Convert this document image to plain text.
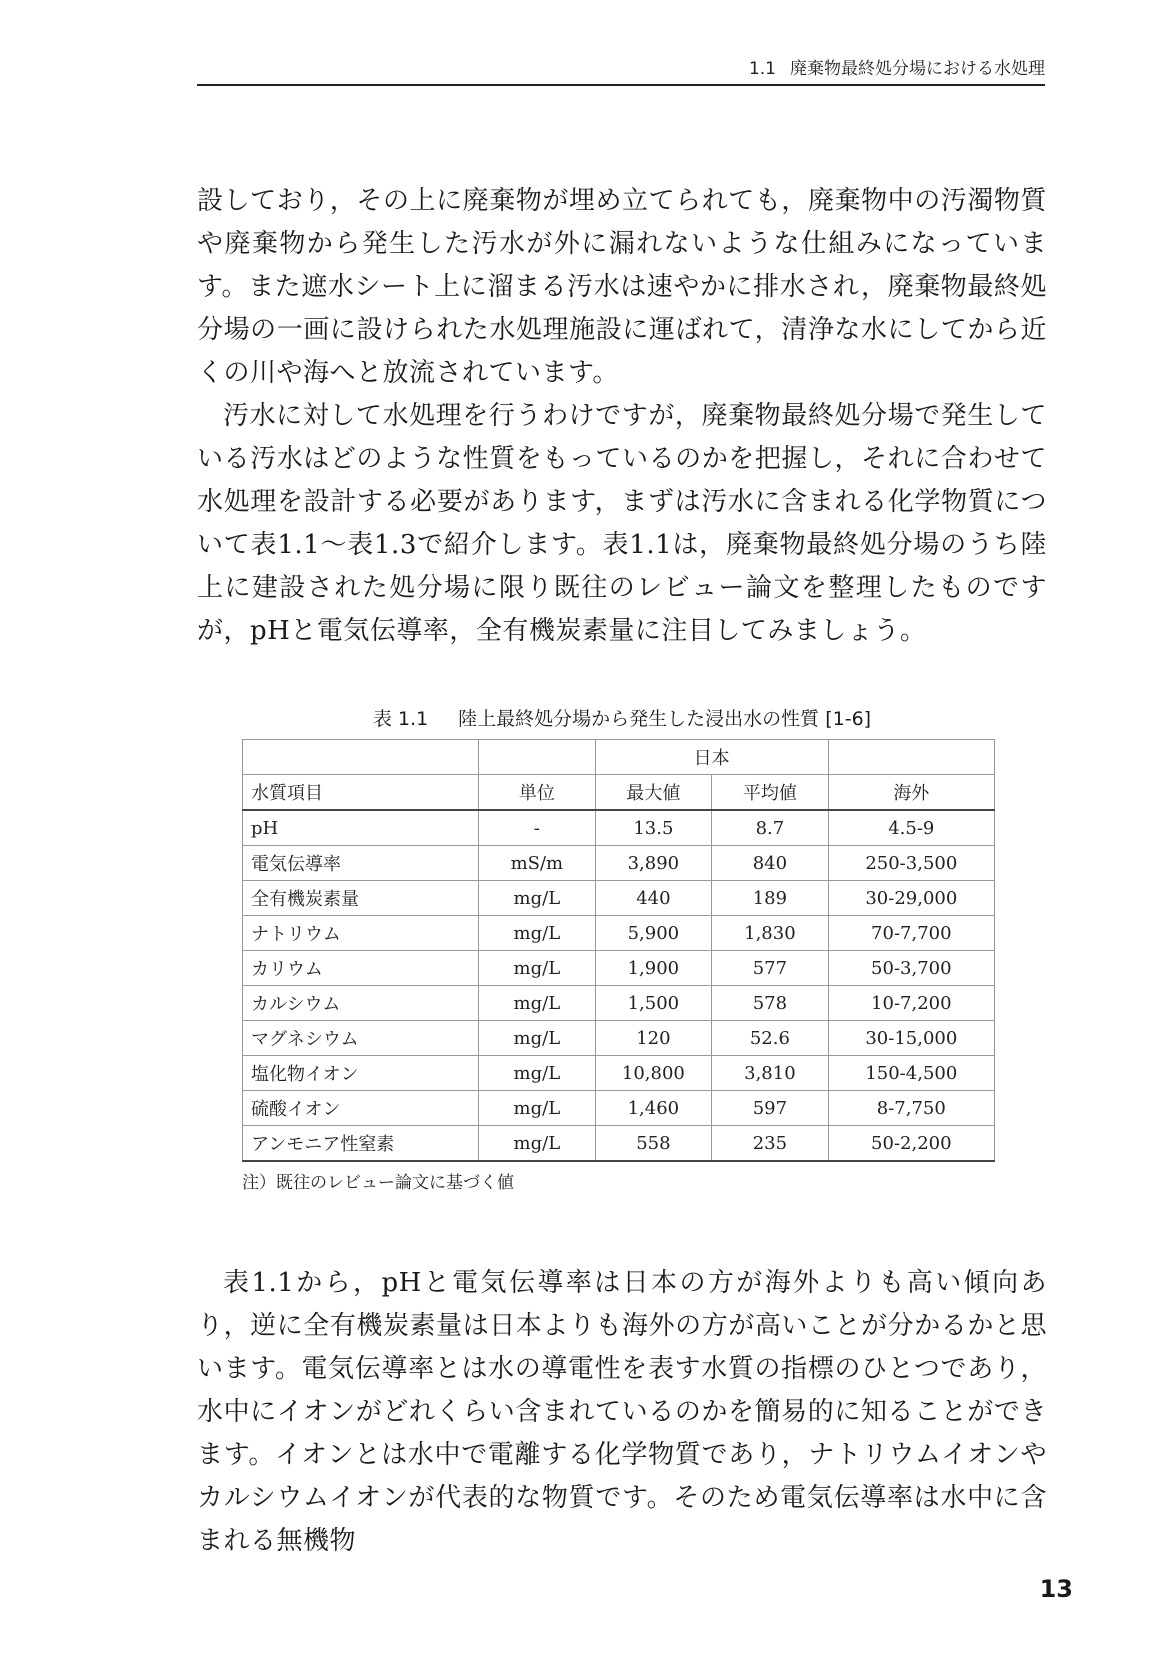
1.1 廃棄物最終処分場における水処理

設しており，その上に廃棄物が埋め立てられても，廃棄物中の汚濁物質や廃棄物から発生した汚水が外に漏れないような仕組みになっています。また遮水シート上に溜まる汚水は速やかに排水され，廃棄物最終処分場の一画に設けられた水処理施設に運ばれて，清浄な水にしてから近くの川や海へと放流されています。

汚水に対して水処理を行うわけですが，廃棄物最終処分場で発生している汚水はどのような性質をもっているのかを把握し，それに合わせて水処理を設計する必要があります，まずは汚水に含まれる化学物質について表1.1〜表1.3で紹介します。表1.1は，廃棄物最終処分場のうち陸上に建設された処分場に限り既往のレビュー論文を整理したものですが，pHと電気伝導率，全有機炭素量に注目してみましょう。

表 1.1 陸上最終処分場から発生した浸出水の性質 [1-6]
		日本		
水質項目	単位	最大値	平均値	海外
pH	-	13.5	8.7	4.5-9
電気伝導率	mS/m	3,890	840	250-3,500
全有機炭素量	mg/L	440	189	30-29,000
ナトリウム	mg/L	5,900	1,830	70-7,700
カリウム	mg/L	1,900	577	50-3,700
カルシウム	mg/L	1,500	578	10-7,200
マグネシウム	mg/L	120	52.6	30-15,000
塩化物イオン	mg/L	10,800	3,810	150-4,500
硫酸イオン	mg/L	1,460	597	8-7,750
アンモニア性窒素	mg/L	558	235	50-2,200
注）既往のレビュー論文に基づく値

表1.1から，pHと電気伝導率は日本の方が海外よりも高い傾向あり，逆に全有機炭素量は日本よりも海外の方が高いことが分かるかと思います。電気伝導率とは水の導電性を表す水質の指標のひとつであり，水中にイオンがどれくらい含まれているのかを簡易的に知ることができます。イオンとは水中で電離する化学物質であり，ナトリウムイオンやカルシウムイオンが代表的な物質です。そのため電気伝導率は水中に含まれる無機物

13
